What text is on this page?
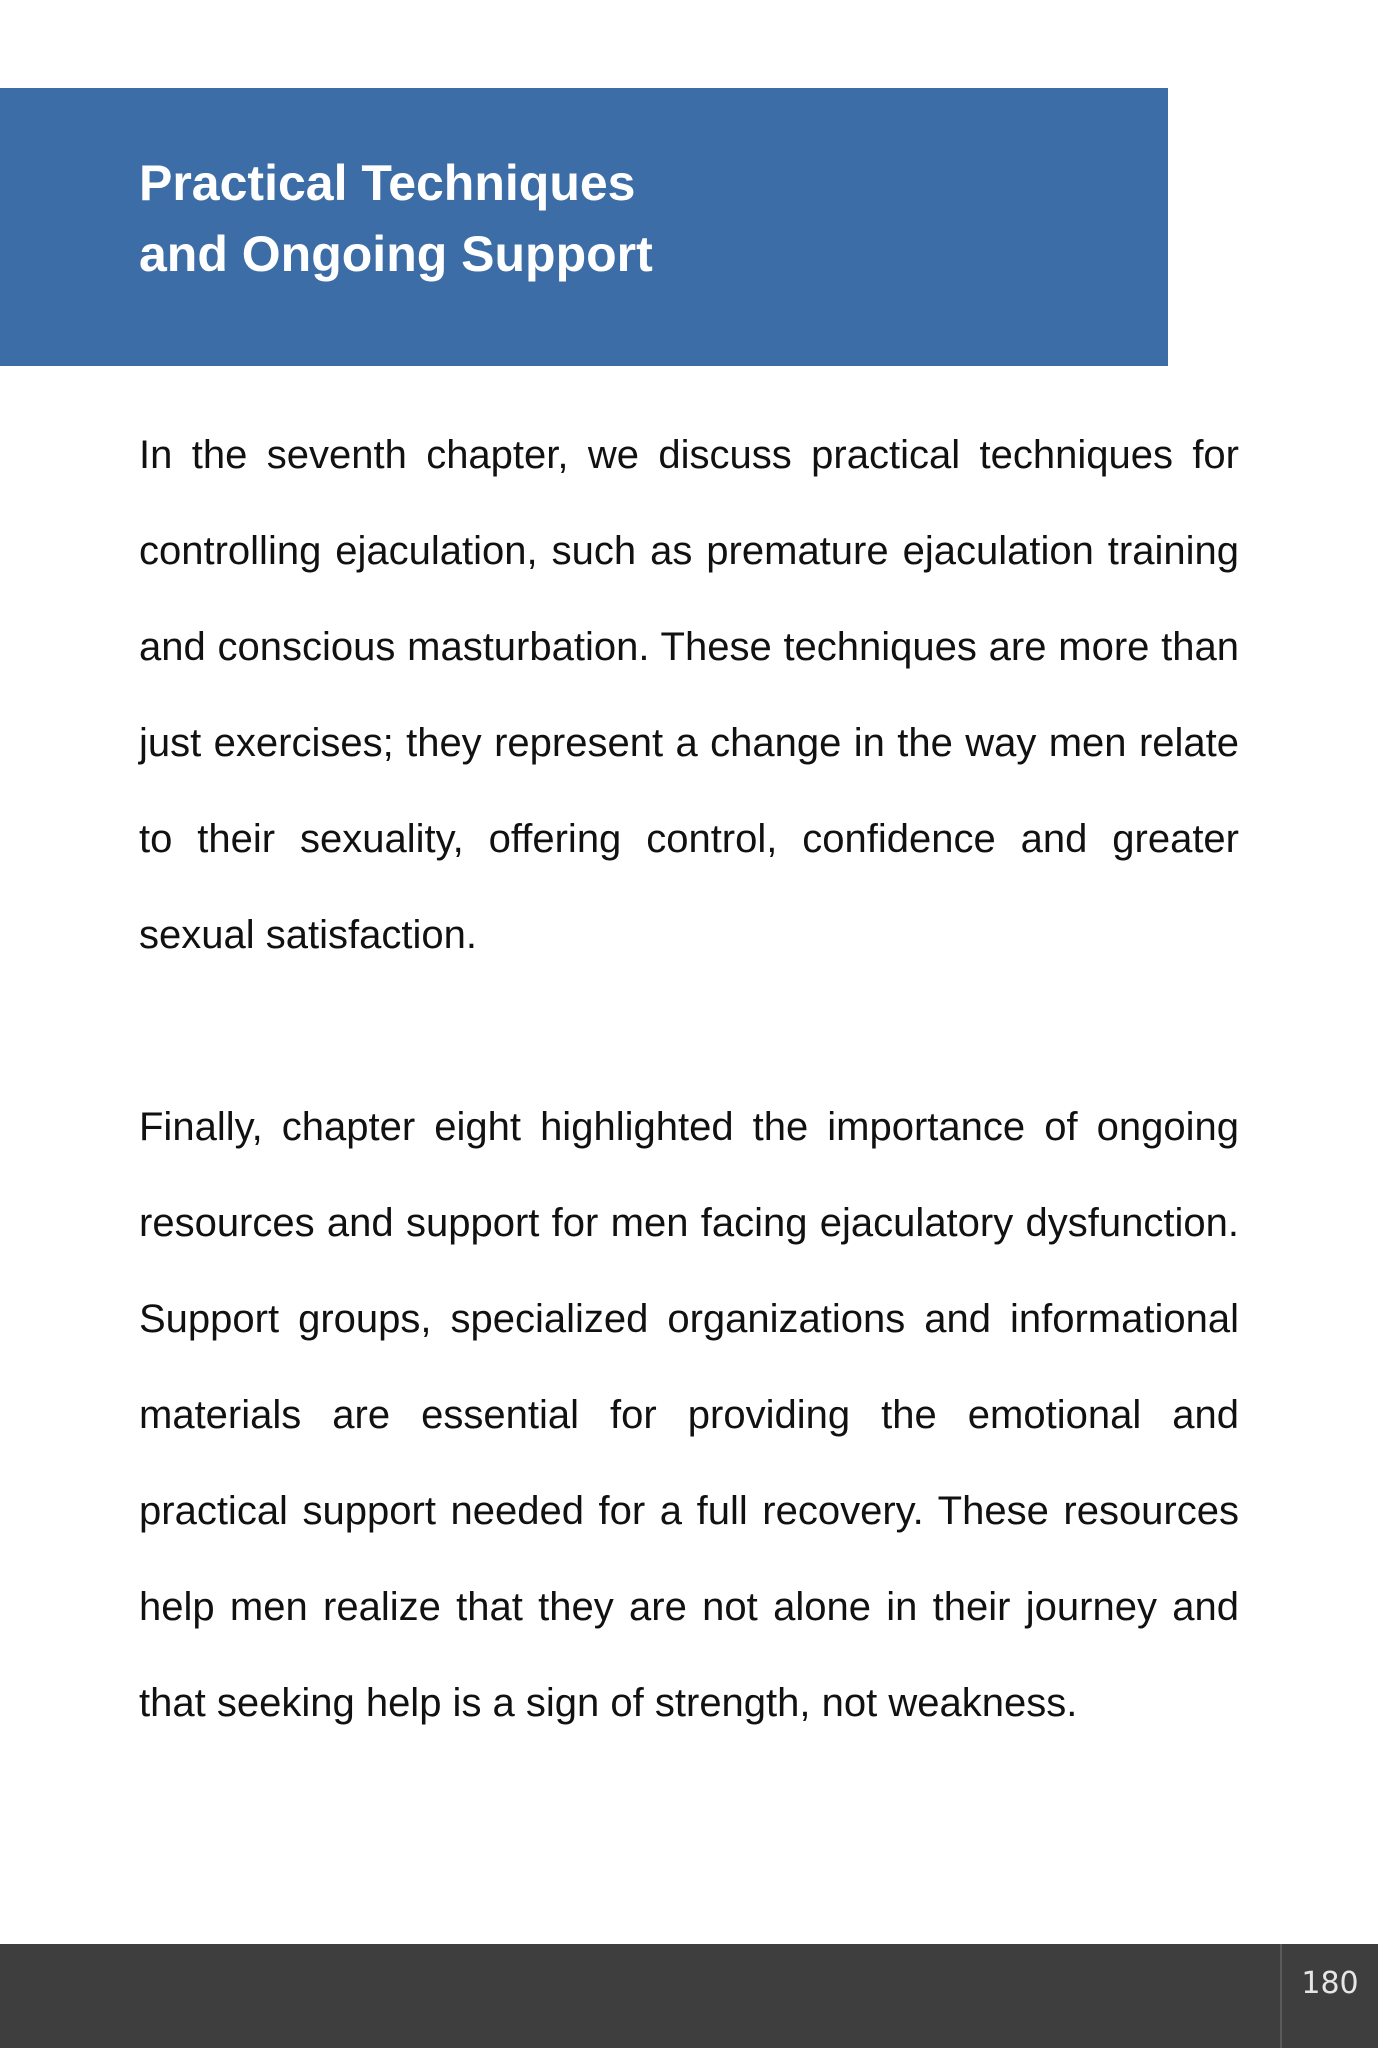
Practical Techniques
and Ongoing Support

In the seventh chapter, we discuss practical techniques for controlling ejaculation, such as premature ejaculation training and conscious masturbation. These techniques are more than just exercises; they represent a change in the way men relate to their sexuality, offering control, confidence and greater sexual satisfaction.

Finally, chapter eight highlighted the importance of ongoing resources and support for men facing ejaculatory dysfunction. Support groups, specialized organizations and informational materials are essential for providing the emotional and practical support needed for a full recovery. These resources help men realize that they are not alone in their journey and that seeking help is a sign of strength, not weakness.

180
